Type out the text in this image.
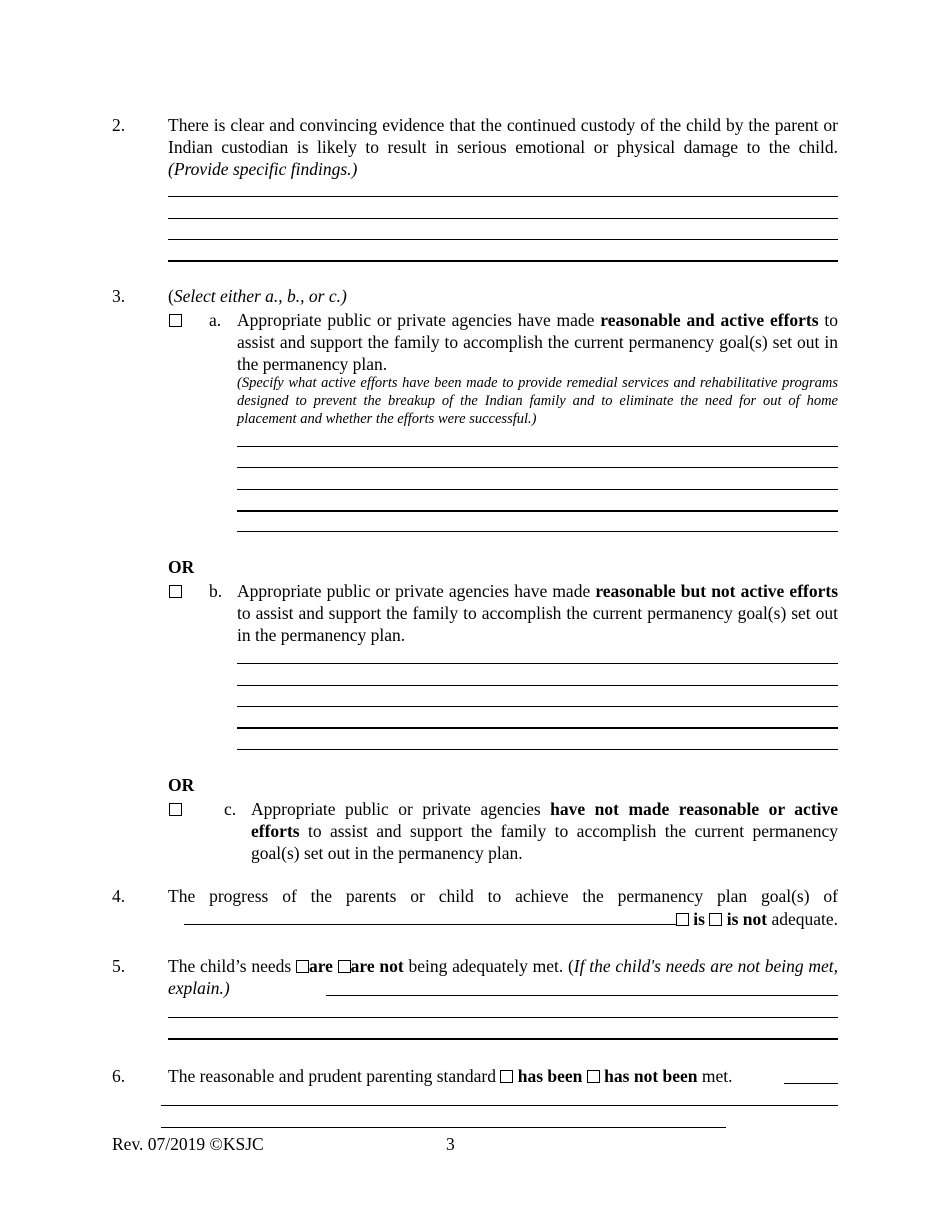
2. There is clear and convincing evidence that the continued custody of the child by the parent or Indian custodian is likely to result in serious emotional or physical damage to the child. (Provide specific findings.)
3. (Select either a., b., or c.)
a. Appropriate public or private agencies have made reasonable and active efforts to assist and support the family to accomplish the current permanency goal(s) set out in the permanency plan.
(Specify what active efforts have been made to provide remedial services and rehabilitative programs designed to prevent the breakup of the Indian family and to eliminate the need for out of home placement and whether the efforts were successful.)
OR
b. Appropriate public or private agencies have made reasonable but not active efforts to assist and support the family to accomplish the current permanency goal(s) set out in the permanency plan.
OR
c. Appropriate public or private agencies have not made reasonable or active efforts to assist and support the family to accomplish the current permanency goal(s) set out in the permanency plan.
4. The progress of the parents or child to achieve the permanency plan goal(s) of
is is not adequate.
5. The child’s needs are are not being adequately met. (If the child's needs are not being met, explain.)
6. The reasonable and prudent parenting standard has been has not been met.
Rev. 07/2019 ©KSJC	3
